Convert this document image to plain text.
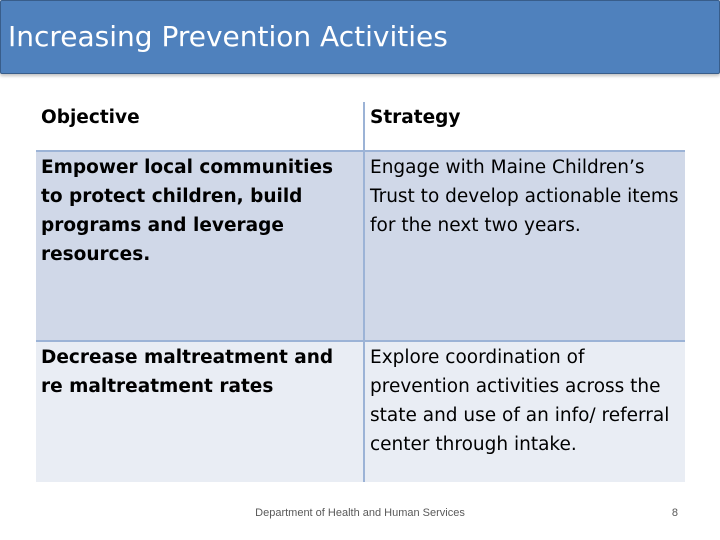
Increasing Prevention Activities
Objective	Strategy
Empower local communities to protect children, build programs and leverage resources.
Engage with Maine Children’s Trust to develop actionable items for the next two years.
Decrease maltreatment and re maltreatment rates
Explore coordination of prevention activities across the state and use of an info/ referral center through intake.
Department of Health and Human Services	8
